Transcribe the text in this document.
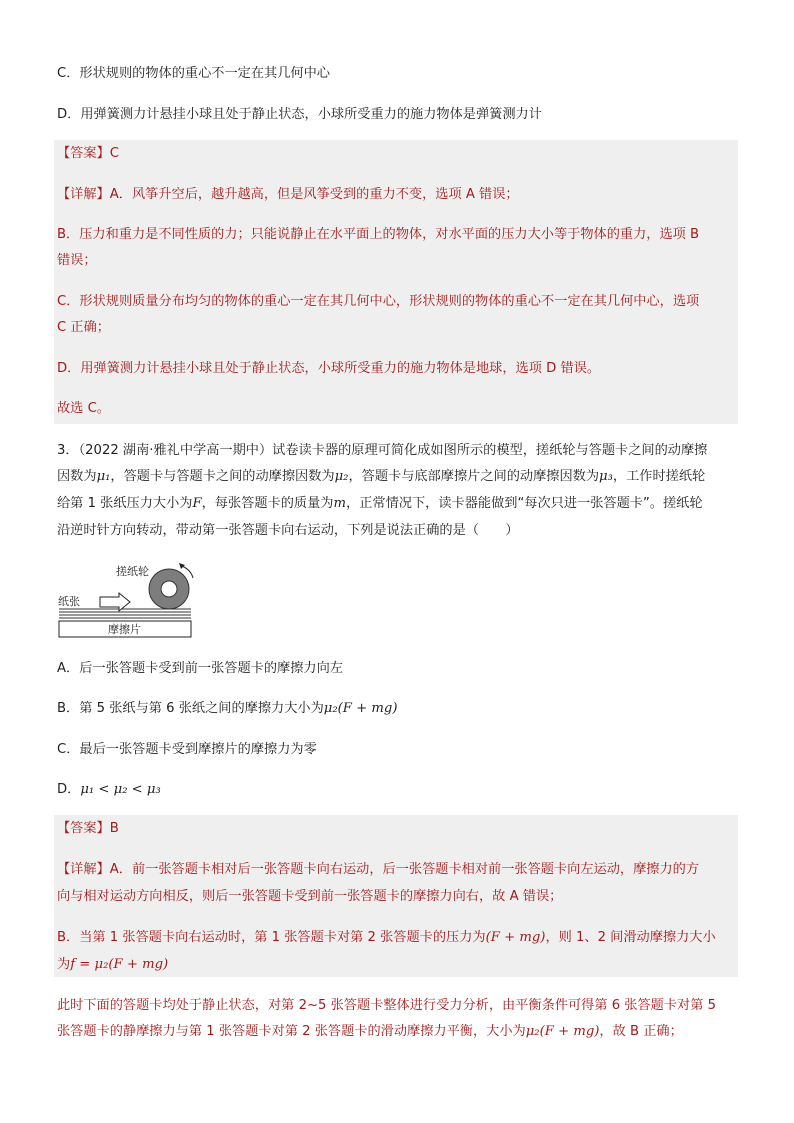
C．形状规则的物体的重心不一定在其几何中心
D．用弹簧测力计悬挂小球且处于静止状态，小球所受重力的施力物体是弹簧测力计
【答案】C
【详解】A．风筝升空后，越升越高，但是风筝受到的重力不变，选项 A 错误；
B．压力和重力是不同性质的力；只能说静止在水平面上的物体，对水平面的压力大小等于物体的重力，选项 B
错误；
C．形状规则质量分布均匀的物体的重心一定在其几何中心，形状规则的物体的重心不一定在其几何中心，选项
C 正确；
D．用弹簧测力计悬挂小球且处于静止状态，小球所受重力的施力物体是地球，选项 D 错误。
故选 C。
3．（2022 湖南·雅礼中学高一期中）试卷读卡器的原理可简化成如图所示的模型，搓纸轮与答题卡之间的动摩擦
因数为μ₁，答题卡与答题卡之间的动摩擦因数为μ₂，答题卡与底部摩擦片之间的动摩擦因数为μ₃，工作时搓纸轮
给第 1 张纸压力大小为F，每张答题卡的质量为m，正常情况下，读卡器能做到“每次只进一张答题卡”。搓纸轮
沿逆时针方向转动，带动第一张答题卡向右运动，下列是说法正确的是（　　）
搓纸轮
纸张
摩擦片
A．后一张答题卡受到前一张答题卡的摩擦力向左
B．第 5 张纸与第 6 张纸之间的摩擦力大小为μ₂(F + mg)
C．最后一张答题卡受到摩擦片的摩擦力为零
D．μ₁ < μ₂ < μ₃
【答案】B
【详解】A．前一张答题卡相对后一张答题卡向右运动，后一张答题卡相对前一张答题卡向左运动，摩擦力的方
向与相对运动方向相反，则后一张答题卡受到前一张答题卡的摩擦力向右，故 A 错误；
B．当第 1 张答题卡向右运动时，第 1 张答题卡对第 2 张答题卡的压力为(F + mg)，则 1、2 间滑动摩擦力大小
为f = μ₂(F + mg)
此时下面的答题卡均处于静止状态，对第 2~5 张答题卡整体进行受力分析，由平衡条件可得第 6 张答题卡对第 5
张答题卡的静摩擦力与第 1 张答题卡对第 2 张答题卡的滑动摩擦力平衡，大小为μ₂(F + mg)，故 B 正确；
